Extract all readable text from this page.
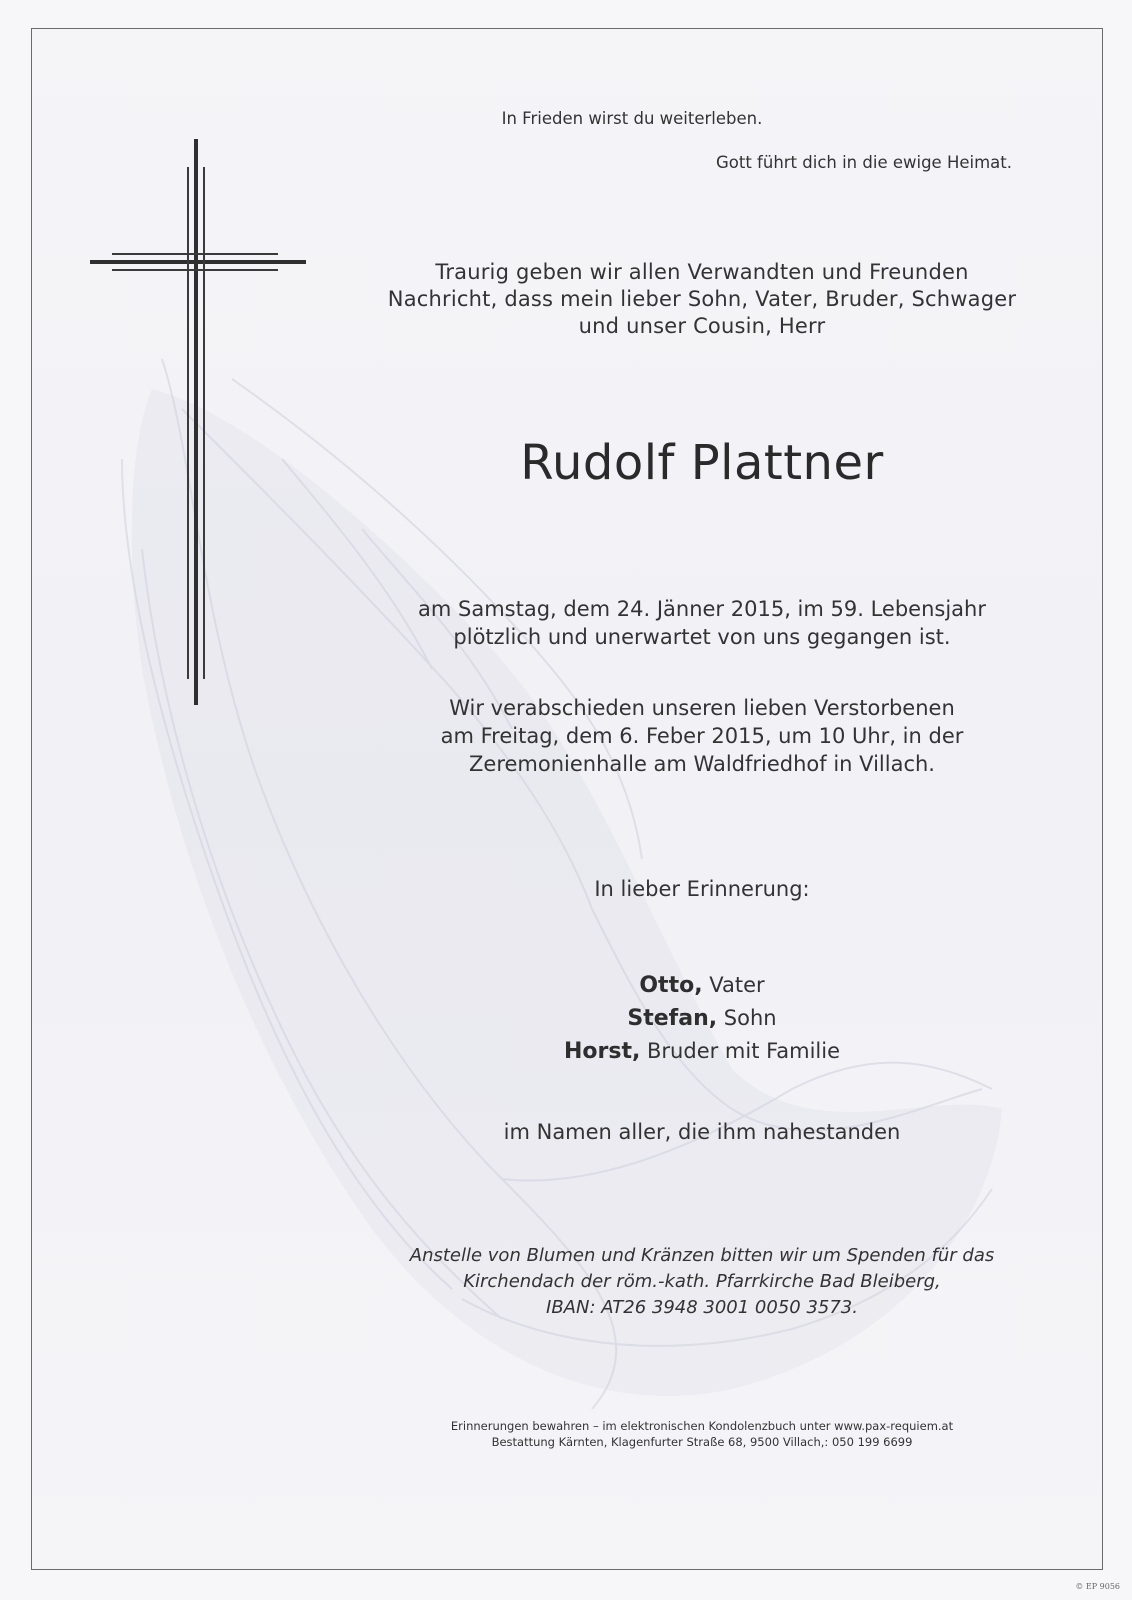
In Frieden wirst du weiterleben.
Gott führt dich in die ewige Heimat.
Traurig geben wir allen Verwandten und Freunden
Nachricht, dass mein lieber Sohn, Vater, Bruder, Schwager
und unser Cousin, Herr
Rudolf Plattner
am Samstag, dem 24. Jänner 2015, im 59. Lebensjahr
plötzlich und unerwartet von uns gegangen ist.
Wir verabschieden unseren lieben Verstorbenen
am Freitag, dem 6. Feber 2015, um 10 Uhr, in der
Zeremonienhalle am Waldfriedhof in Villach.
In lieber Erinnerung:
Otto, Vater
Stefan, Sohn
Horst, Bruder mit Familie
im Namen aller, die ihm nahestanden
Anstelle von Blumen und Kränzen bitten wir um Spenden für das
Kirchendach der röm.-kath. Pfarrkirche Bad Bleiberg,
IBAN: AT26 3948 3001 0050 3573.
Erinnerungen bewahren – im elektronischen Kondolenzbuch unter www.pax-requiem.at
Bestattung Kärnten, Klagenfurter Straße 68, 9500 Villach,: 050 199 6699
© EP 9056
